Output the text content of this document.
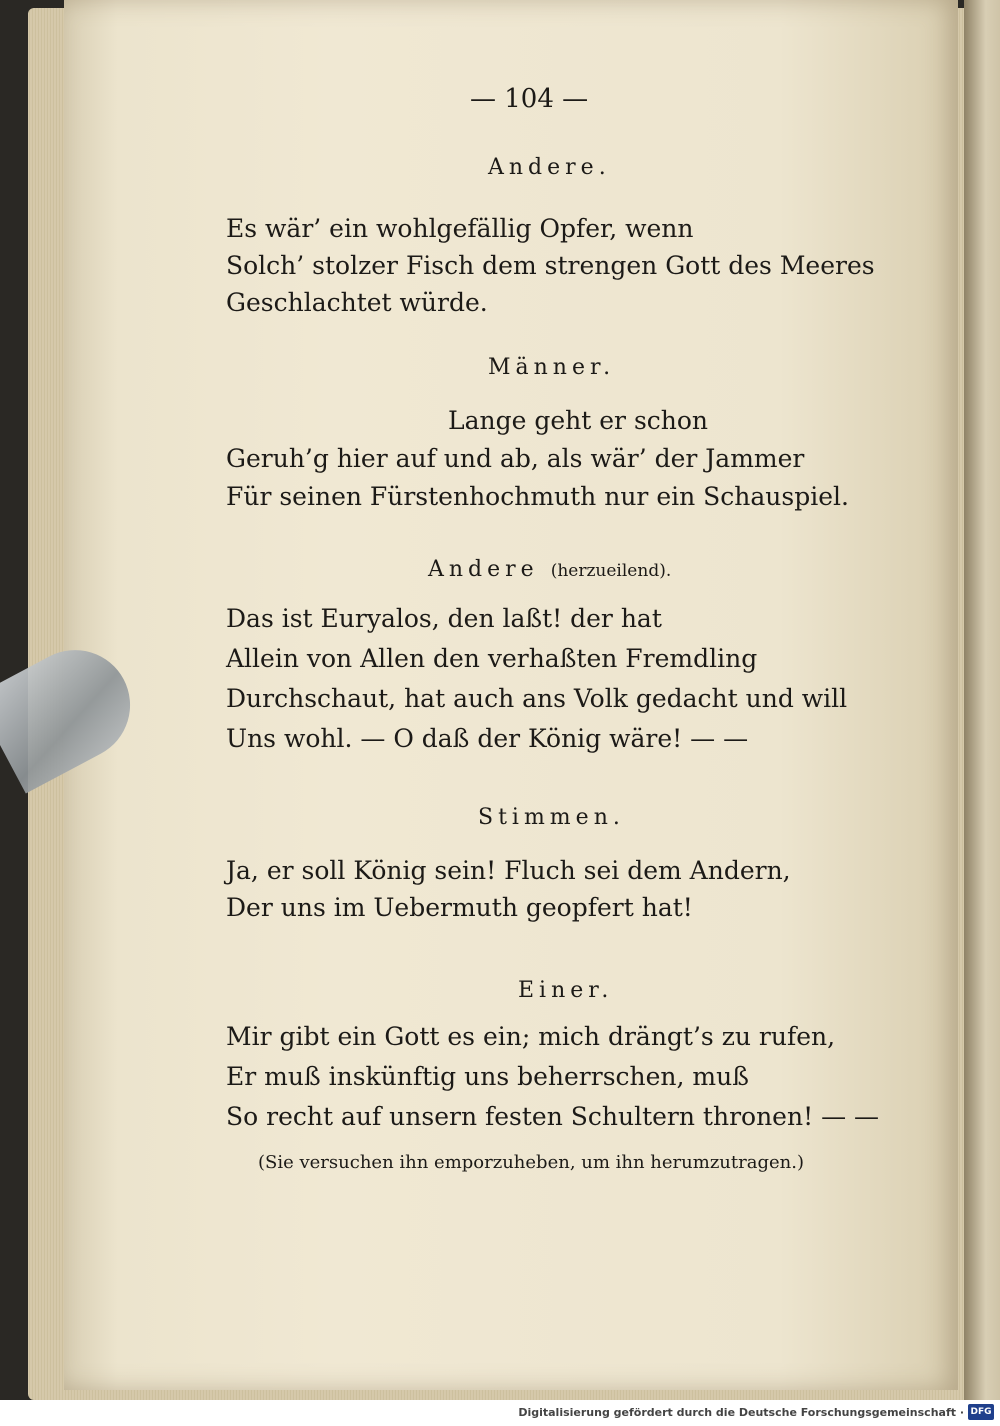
— 104 —
Andere.
Es wär’ ein wohlgefällig Opfer, wenn
Solch’ stolzer Fisch dem strengen Gott des Meeres
Geschlachtet würde.
Männer.
Lange geht er schon
Geruh’g hier auf und ab, als wär’ der Jammer
Für seinen Fürstenhochmuth nur ein Schauspiel.
Andere (herzueilend).
Das ist Euryalos, den laßt! der hat
Allein von Allen den verhaßten Fremdling
Durchschaut, hat auch ans Volk gedacht und will
Uns wohl. — O daß der König wäre! — —
Stimmen.
Ja, er soll König sein! Fluch sei dem Andern,
Der uns im Uebermuth geopfert hat!
Einer.
Mir gibt ein Gott es ein; mich drängt’s zu rufen,
Er muß inskünftig uns beherrschen, muß
So recht auf unsern festen Schultern thronen! — —
(Sie versuchen ihn emporzuheben, um ihn herumzutragen.)
Digitalisierung gefördert durch die Deutsche Forschungsgemeinschaft · DFG
